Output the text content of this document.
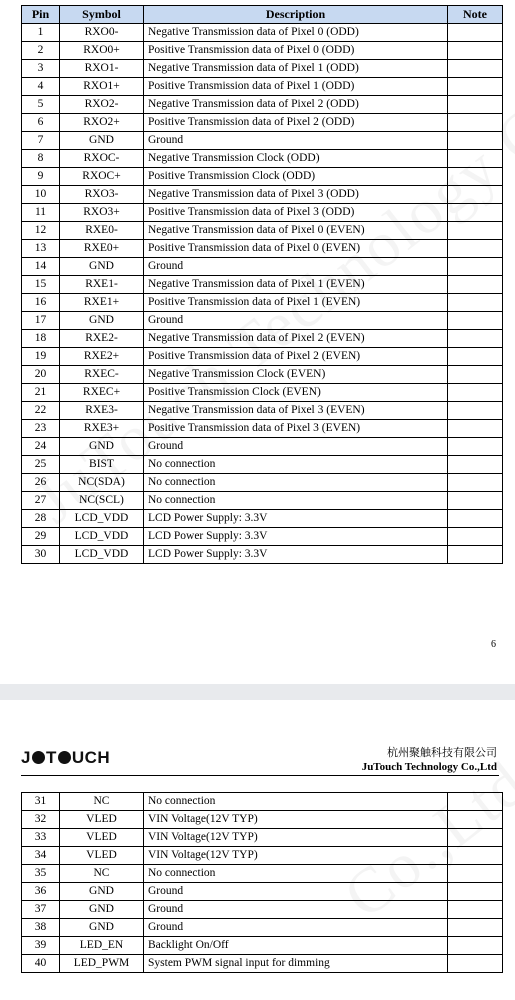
Pin	Symbol	Description	Note
1	RXO0-	Negative Transmission data of Pixel 0 (ODD)	
2	RXO0+	Positive Transmission data of Pixel 0 (ODD)	
3	RXO1-	Negative Transmission data of Pixel 1 (ODD)	
4	RXO1+	Positive Transmission data of Pixel 1 (ODD)	
5	RXO2-	Negative Transmission data of Pixel 2 (ODD)	
6	RXO2+	Positive Transmission data of Pixel 2 (ODD)	
7	GND	Ground	
8	RXOC-	Negative Transmission Clock (ODD)	
9	RXOC+	Positive Transmission Clock (ODD)	
10	RXO3-	Negative Transmission data of Pixel 3 (ODD)	
11	RXO3+	Positive Transmission data of Pixel 3 (ODD)	
12	RXE0-	Negative Transmission data of Pixel 0 (EVEN)	
13	RXE0+	Positive Transmission data of Pixel 0 (EVEN)	
14	GND	Ground	
15	RXE1-	Negative Transmission data of Pixel 1 (EVEN)	
16	RXE1+	Positive Transmission data of Pixel 1 (EVEN)	
17	GND	Ground	
18	RXE2-	Negative Transmission data of Pixel 2 (EVEN)	
19	RXE2+	Positive Transmission data of Pixel 2 (EVEN)	
20	RXEC-	Negative Transmission Clock (EVEN)	
21	RXEC+	Positive Transmission Clock (EVEN)	
22	RXE3-	Negative Transmission data of Pixel 3 (EVEN)	
23	RXE3+	Positive Transmission data of Pixel 3 (EVEN)	
24	GND	Ground	
25	BIST	No connection	
26	NC(SDA)	No connection	
27	NC(SCL)	No connection	
28	LCD_VDD	LCD Power Supply: 3.3V	
29	LCD_VDD	LCD Power Supply: 3.3V	
30	LCD_VDD	LCD Power Supply: 3.3V	
6
J T UCH	杭州聚触科技有限公司
JuTouch Technology Co.,Ltd
31	NC	No connection	
32	VLED	VIN Voltage(12V TYP)	
33	VLED	VIN Voltage(12V TYP)	
34	VLED	VIN Voltage(12V TYP)	
35	NC	No connection	
36	GND	Ground	
37	GND	Ground	
38	GND	Ground	
39	LED_EN	Backlight On/Off	
40	LED_PWM	System PWM signal input for dimming	
